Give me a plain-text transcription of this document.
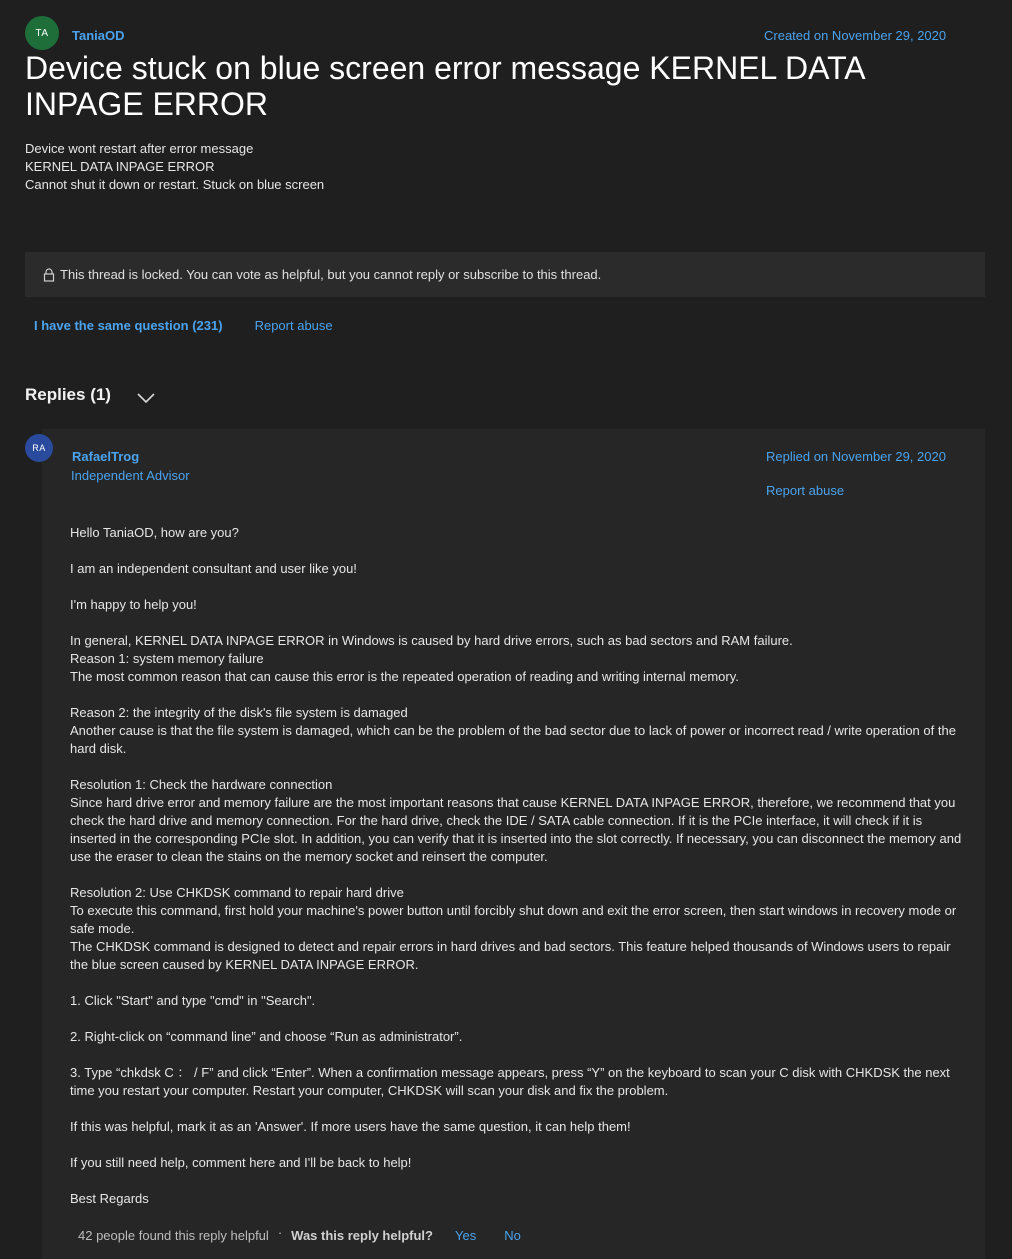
TA	TaniaOD	Created on November 29, 2020
Device stuck on blue screen error message KERNEL DATA INPAGE ERROR
Device wont restart after error message
KERNEL DATA INPAGE ERROR
Cannot shut it down or restart. Stuck on blue screen
This thread is locked. You can vote as helpful, but you cannot reply or subscribe to this thread.
I have the same question (231) Report abuse
Replies (1)
RA
RafaelTrog
Independent Advisor
Replied on November 29, 2020
Report abuse

Hello TaniaOD, how are you?

I am an independent consultant and user like you!

I'm happy to help you!

In general, KERNEL DATA INPAGE ERROR in Windows is caused by hard drive errors, such as bad sectors and RAM failure.
Reason 1: system memory failure
The most common reason that can cause this error is the repeated operation of reading and writing internal memory.

Reason 2: the integrity of the disk's file system is damaged
Another cause is that the file system is damaged, which can be the problem of the bad sector due to lack of power or incorrect read / write operation of the hard disk.

Resolution 1: Check the hardware connection
Since hard drive error and memory failure are the most important reasons that cause KERNEL DATA INPAGE ERROR, therefore, we recommend that you check the hard drive and memory connection. For the hard drive, check the IDE / SATA cable connection. If it is the PCIe interface, it will check if it is inserted in the corresponding PCIe slot. In addition, you can verify that it is inserted into the slot correctly. If necessary, you can disconnect the memory and use the eraser to clean the stains on the memory socket and reinsert the computer.

Resolution 2: Use CHKDSK command to repair hard drive
To execute this command, first hold your machine's power button until forcibly shut down and exit the error screen, then start windows in recovery mode or safe mode.
The CHKDSK command is designed to detect and repair errors in hard drives and bad sectors. This feature helped thousands of Windows users to repair the blue screen caused by KERNEL DATA INPAGE ERROR.

1. Click "Start" and type "cmd" in "Search".

2. Right-click on “command line” and choose “Run as administrator”.

3. Type “chkdsk C ： / F” and click “Enter”. When a confirmation message appears, press “Y” on the keyboard to scan your C disk with CHKDSK the next time you restart your computer. Restart your computer, CHKDSK will scan your disk and fix the problem.

If this was helpful, mark it as an 'Answer'. If more users have the same question, it can help them!

If you still need help, comment here and I'll be back to help!

Best Regards

42 people found this reply helpful · Was this reply helpful? Yes No
